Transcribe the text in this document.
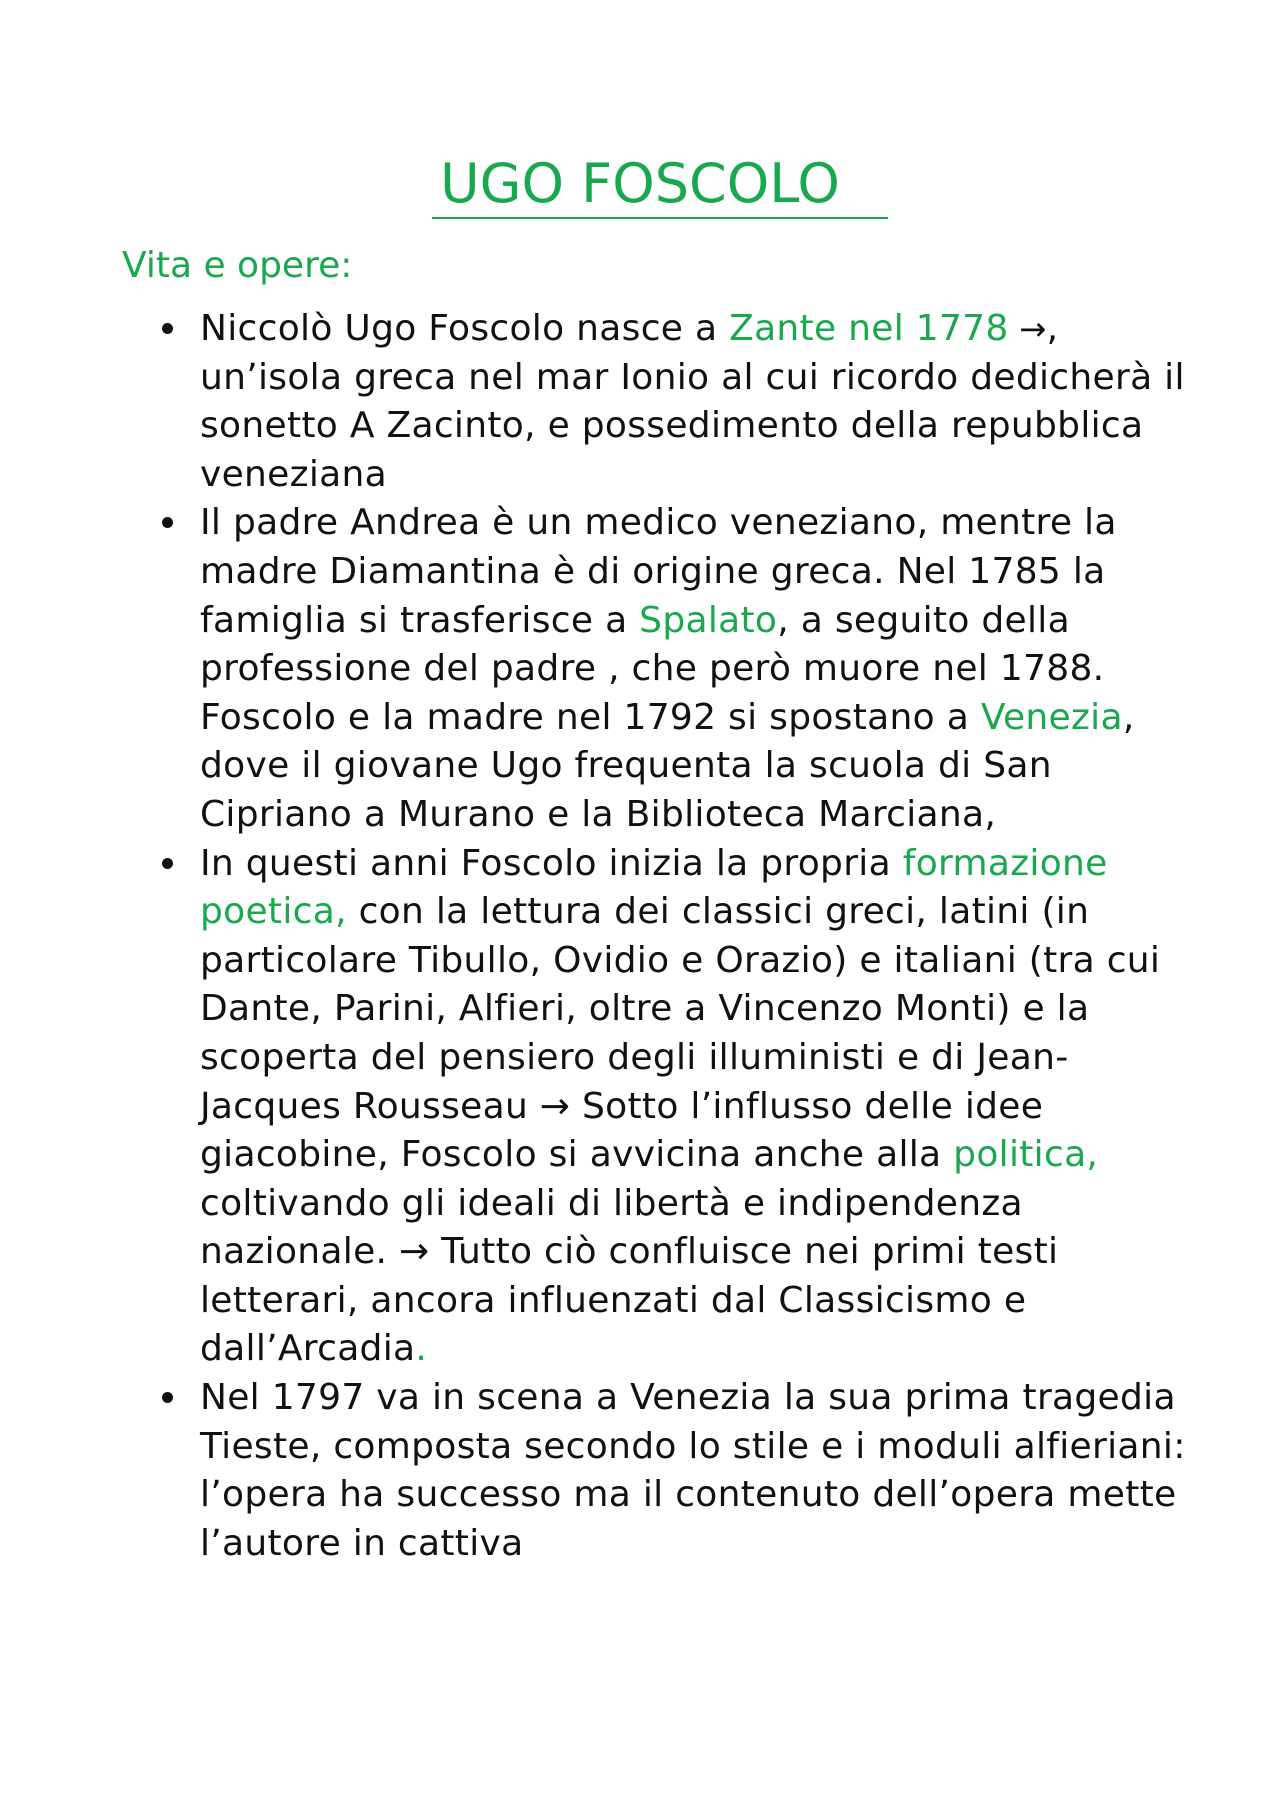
UGO FOSCOLO
Vita e opere:
Niccolò Ugo Foscolo nasce a Zante nel 1778 →, un’isola greca nel mar Ionio al cui ricordo dedicherà il sonetto A Zacinto, e possedimento della repubblica veneziana
Il padre Andrea è un medico veneziano, mentre la madre Diamantina è di origine greca. Nel 1785 la famiglia si trasferisce a Spalato, a seguito della professione del padre , che però muore nel 1788. Foscolo e la madre nel 1792 si spostano a Venezia, dove il giovane Ugo frequenta la scuola di San Cipriano a Murano e la Biblioteca Marciana,
In questi anni Foscolo inizia la propria formazione poetica, con la lettura dei classici greci, latini (in particolare Tibullo, Ovidio e Orazio) e italiani (tra cui Dante, Parini, Alfieri, oltre a Vincenzo Monti) e la scoperta del pensiero degli illuministi e di Jean-Jacques Rousseau → Sotto l’influsso delle idee giacobine, Foscolo si avvicina anche alla politica, coltivando gli ideali di libertà e indipendenza nazionale. → Tutto ciò confluisce nei primi testi letterari, ancora influenzati dal Classicismo e dall’Arcadia.
Nel 1797 va in scena a Venezia la sua prima tragedia Tieste, composta secondo lo stile e i moduli alfieriani: l’opera ha successo ma il contenuto dell’opera mette l’autore in cattiva
